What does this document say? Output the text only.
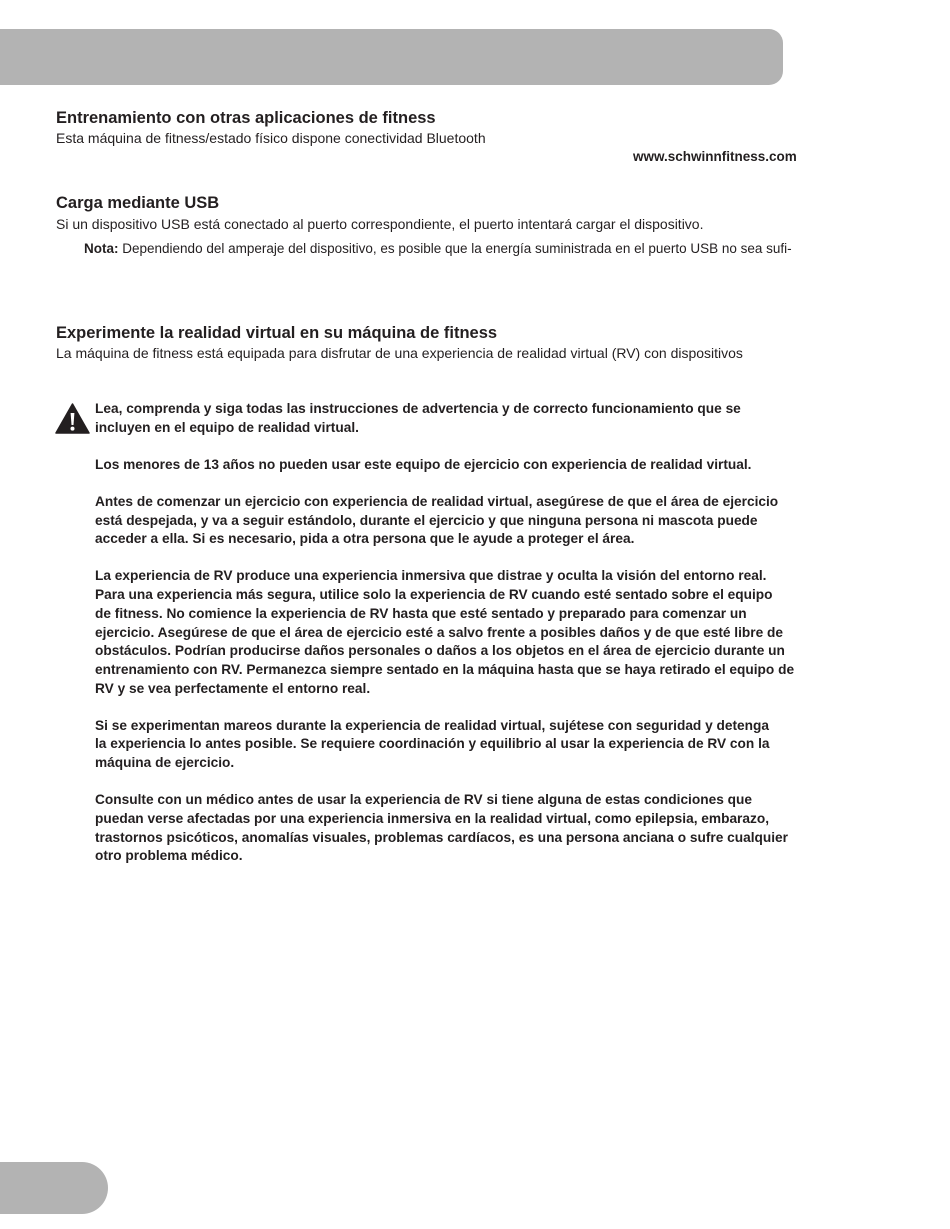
Entrenamiento con otras aplicaciones de fitness

Esta máquina de fitness/estado físico dispone conectividad Bluetooth

www.schwinnfitness.com

Carga mediante USB

Si un dispositivo USB está conectado al puerto correspondiente, el puerto intentará cargar el dispositivo.

Nota: Dependiendo del amperaje del dispositivo, es posible que la energía suministrada en el puerto USB no sea sufi-

Experimente la realidad virtual en su máquina de fitness

La máquina de fitness está equipada para disfrutar de una experiencia de realidad virtual (RV) con dispositivos

Lea, comprenda y siga todas las instrucciones de advertencia y de correcto funcionamiento que se
incluyen en el equipo de realidad virtual.

Los menores de 13 años no pueden usar este equipo de ejercicio con experiencia de realidad virtual.

Antes de comenzar un ejercicio con experiencia de realidad virtual, asegúrese de que el área de ejercicio
está despejada, y va a seguir estándolo, durante el ejercicio y que ninguna persona ni mascota puede
acceder a ella. Si es necesario, pida a otra persona que le ayude a proteger el área.

La experiencia de RV produce una experiencia inmersiva que distrae y oculta la visión del entorno real.
Para una experiencia más segura, utilice solo la experiencia de RV cuando esté sentado sobre el equipo
de fitness. No comience la experiencia de RV hasta que esté sentado y preparado para comenzar un
ejercicio. Asegúrese de que el área de ejercicio esté a salvo frente a posibles daños y de que esté libre de
obstáculos. Podrían producirse daños personales o daños a los objetos en el área de ejercicio durante un
entrenamiento con RV. Permanezca siempre sentado en la máquina hasta que se haya retirado el equipo de
RV y se vea perfectamente el entorno real.

Si se experimentan mareos durante la experiencia de realidad virtual, sujétese con seguridad y detenga
la experiencia lo antes posible. Se requiere coordinación y equilibrio al usar la experiencia de RV con la
máquina de ejercicio.

Consulte con un médico antes de usar la experiencia de RV si tiene alguna de estas condiciones que
puedan verse afectadas por una experiencia inmersiva en la realidad virtual, como epilepsia, embarazo,
trastornos psicóticos, anomalías visuales, problemas cardíacos, es una persona anciana o sufre cualquier
otro problema médico.
